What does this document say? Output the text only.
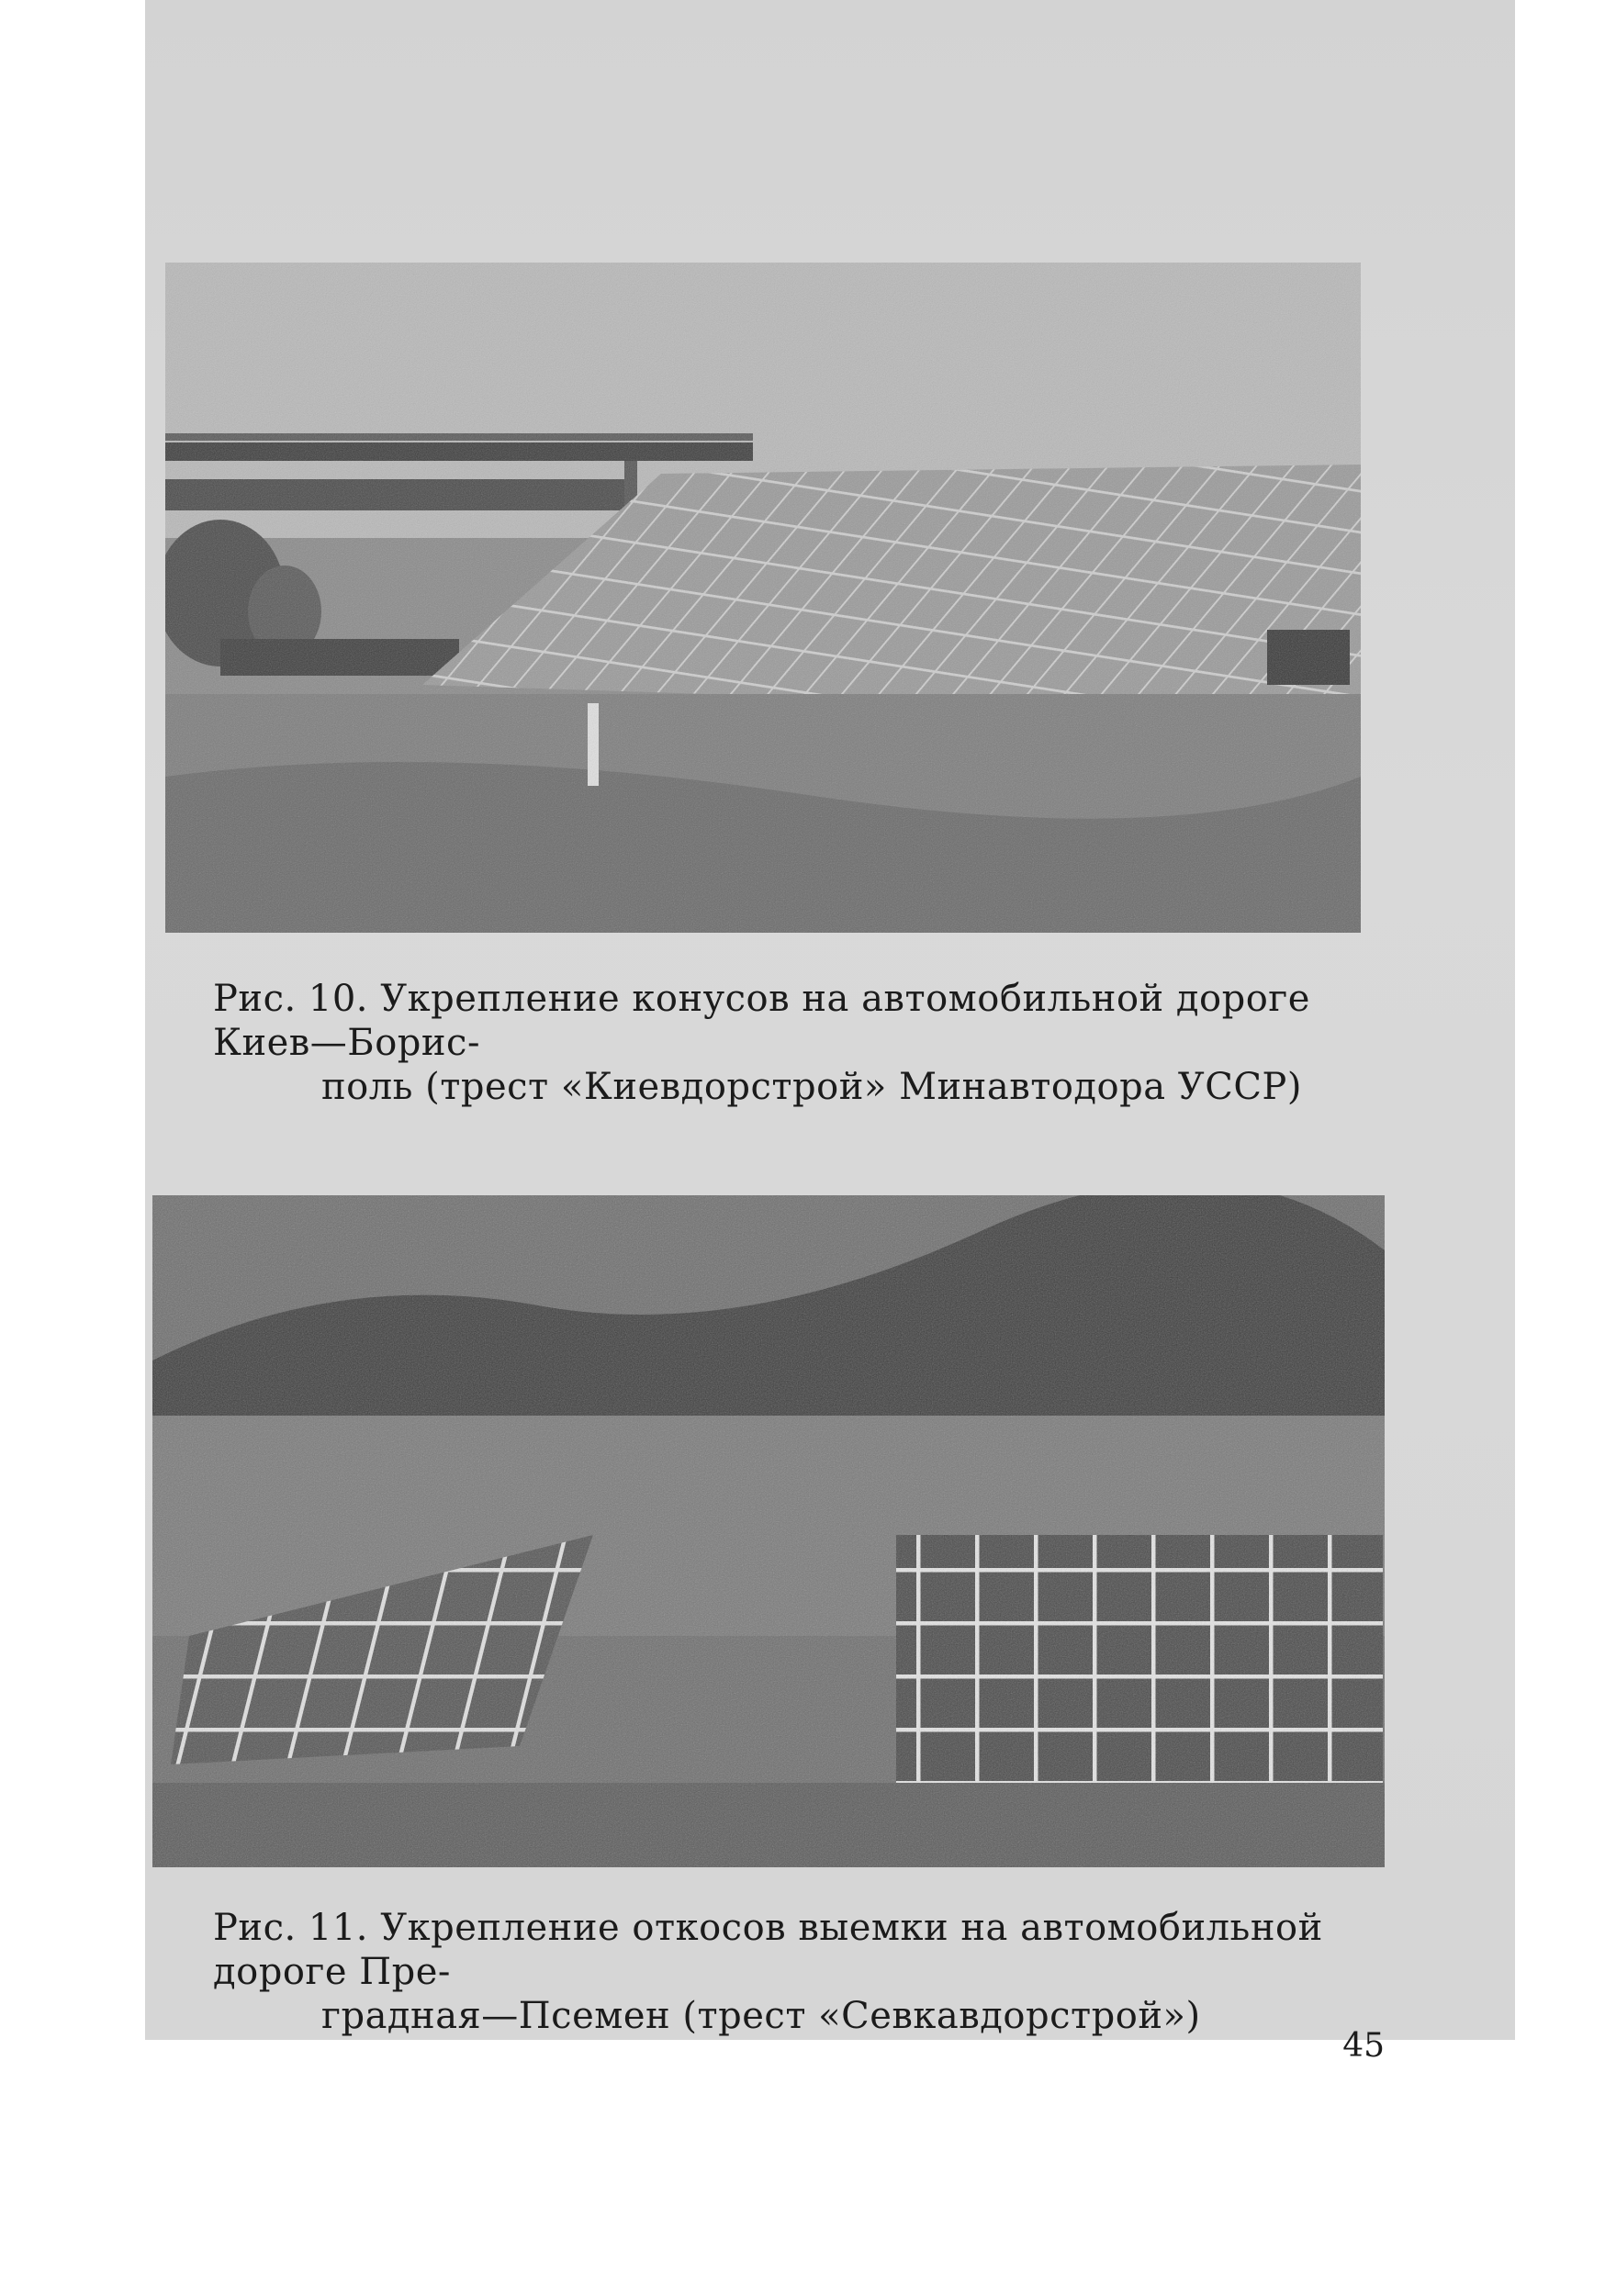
Рис. 10. Укрепление конусов на автомобильной дороге Киев—Борис-
поль (трест «Киевдорстрой» Минавтодора УССР)

Рис. 11. Укрепление откосов выемки на автомобильной дороге Пре-
градная—Псемен (трест «Севкавдорстрой»)

45
